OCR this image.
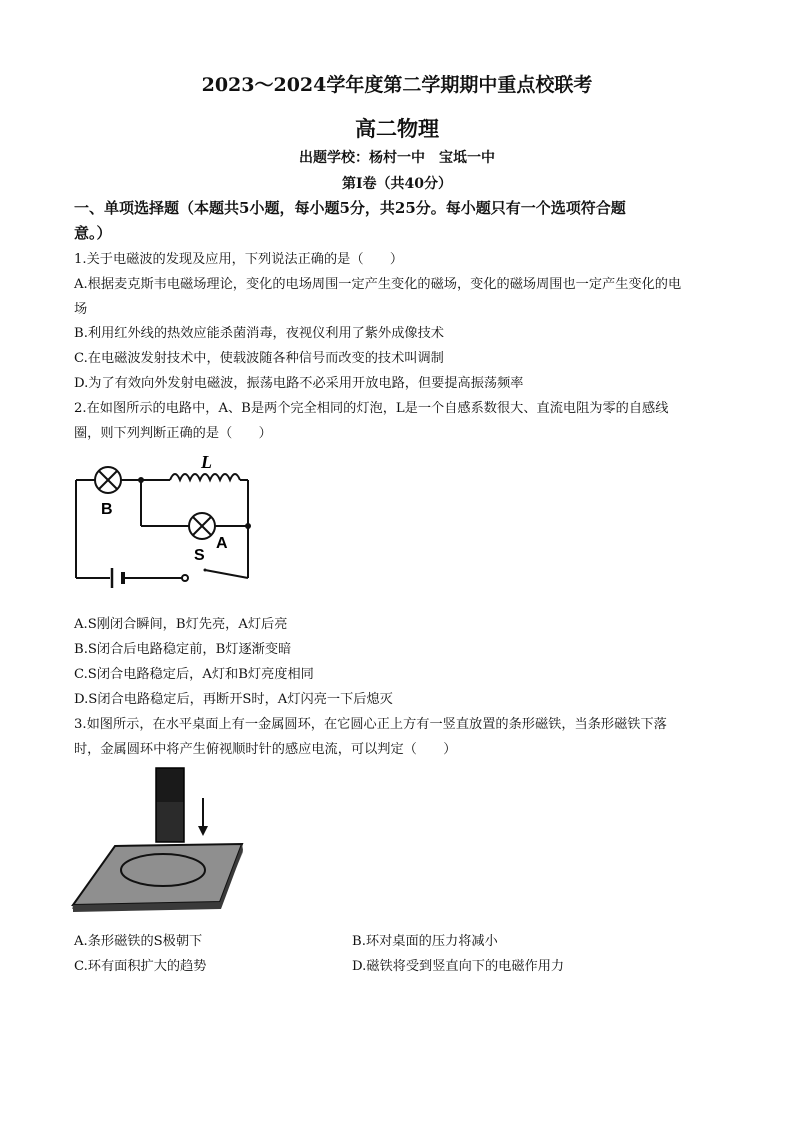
2023～2024学年度第二学期期中重点校联考
高二物理
出题学校：杨村一中　宝坻一中
第Ⅰ卷（共40分）
一、单项选择题（本题共5小题，每小题5分，共25分。每小题只有一个选项符合题
意。）
1.关于电磁波的发现及应用，下列说法正确的是（　　）
A.根据麦克斯韦电磁场理论，变化的电场周围一定产生变化的磁场，变化的磁场周围也一定产生变化的电
场
B.利用红外线的热效应能杀菌消毒，夜视仪利用了紫外成像技术
C.在电磁波发射技术中，使载波随各种信号而改变的技术叫调制
D.为了有效向外发射电磁波，振荡电路不必采用开放电路，但要提高振荡频率
2.在如图所示的电路中，A、B是两个完全相同的灯泡，L是一个自感系数很大、直流电阻为零的自感线
圈，则下列判断正确的是（　　）
L
B
A
S
A.S刚闭合瞬间，B灯先亮，A灯后亮
B.S闭合后电路稳定前，B灯逐渐变暗
C.S闭合电路稳定后，A灯和B灯亮度相同
D.S闭合电路稳定后，再断开S时，A灯闪亮一下后熄灭
3.如图所示，在水平桌面上有一金属圆环，在它圆心正上方有一竖直放置的条形磁铁，当条形磁铁下落
时，金属圆环中将产生俯视顺时针的感应电流，可以判定（　　）
A.条形磁铁的S极朝下	B.环对桌面的压力将减小
C.环有面积扩大的趋势	D.磁铁将受到竖直向下的电磁作用力
